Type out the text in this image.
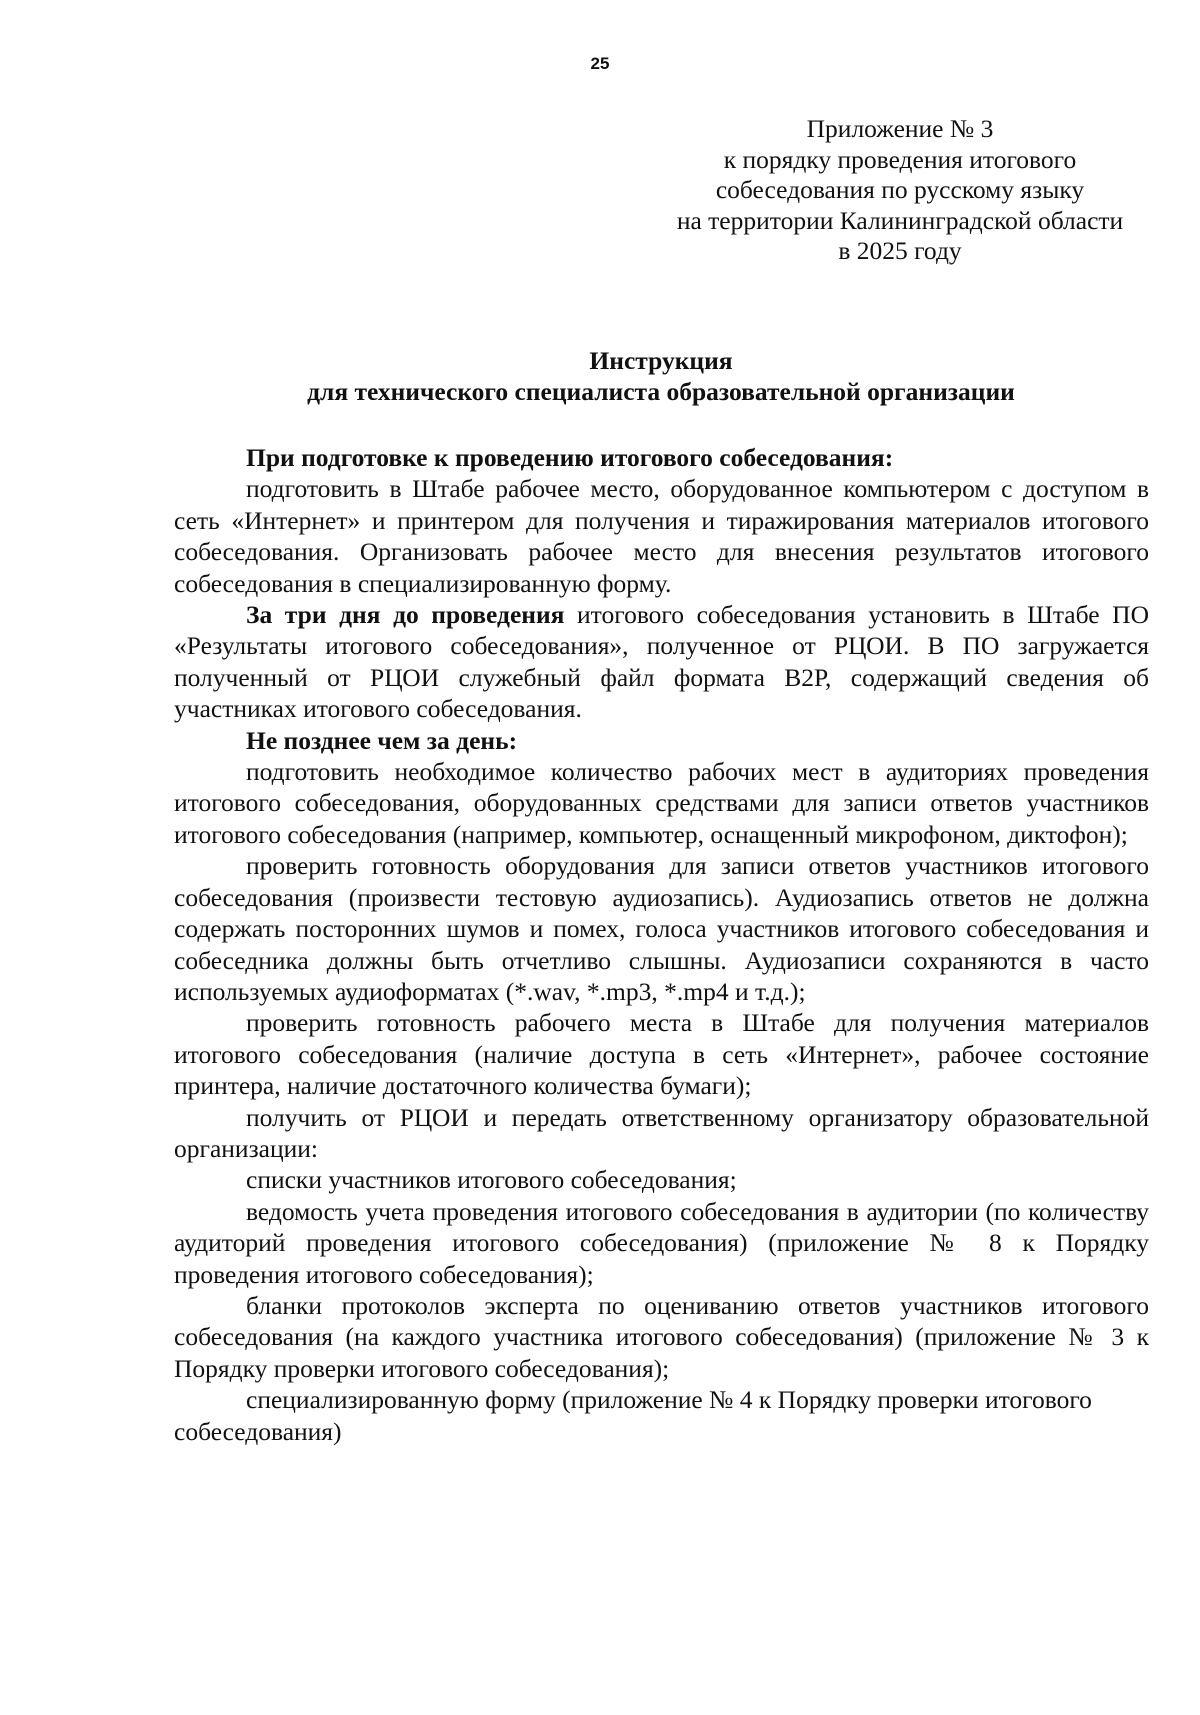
25
Приложение № 3
к порядку проведения итогового
собеседования по русскому языку
на территории Калининградской области
в 2025 году
Инструкция
для технического специалиста образовательной организации

При подготовке к проведению итогового собеседования:

подготовить в Штабе рабочее место, оборудованное компьютером с доступом в сеть «Интернет» и принтером для получения и тиражирования материалов итогового собеседования. Организовать рабочее место для внесения результатов итогового собеседования в специализированную форму.

За три дня до проведения итогового собеседования установить в Штабе ПО «Результаты итогового собеседования», полученное от РЦОИ. В ПО загружается полученный от РЦОИ служебный файл формата В2Р, содержащий сведения об участниках итогового собеседования.

Не позднее чем за день:

подготовить необходимое количество рабочих мест в аудиториях проведения итогового собеседования, оборудованных средствами для записи ответов участников итогового собеседования (например, компьютер, оснащенный микрофоном, диктофон);

проверить готовность оборудования для записи ответов участников итогового собеседования (произвести тестовую аудиозапись). Аудиозапись ответов не должна содержать посторонних шумов и помех, голоса участников итогового собеседования и собеседника должны быть отчетливо слышны. Аудиозаписи сохраняются в часто используемых аудиоформатах (*.wav, *.mp3, *.mp4 и т.д.);

проверить готовность рабочего места в Штабе для получения материалов итогового собеседования (наличие доступа в сеть «Интернет», рабочее состояние принтера, наличие достаточного количества бумаги);

получить от РЦОИ и передать ответственному организатору образовательной организации:

списки участников итогового собеседования;

ведомость учета проведения итогового собеседования в аудитории (по количеству аудиторий проведения итогового собеседования) (приложение № 8 к Порядку проведения итогового собеседования);

бланки протоколов эксперта по оцениванию ответов участников итогового собеседования (на каждого участника итогового собеседования) (приложение № 3 к Порядку проверки итогового собеседования);

специализированную форму (приложение № 4 к Порядку проверки итогового собеседования)
